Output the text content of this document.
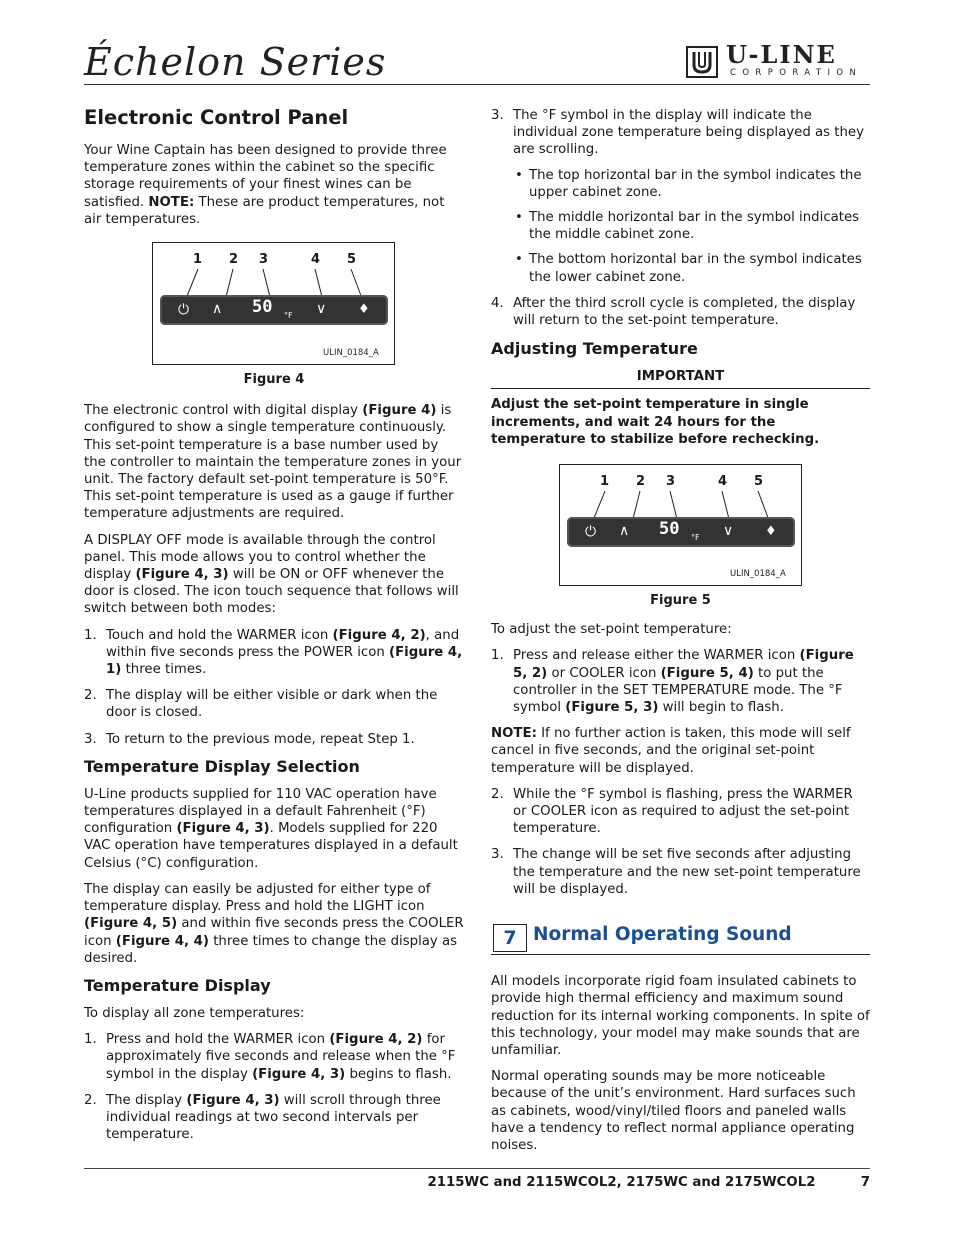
Échelon Series	U-LINE
CORPORATION
Electronic Control Panel

Your Wine Captain has been designed to provide three temperature zones within the cabinet so the specific storage requirements of your finest wines can be satisfied. NOTE: These are product temperatures, not air temperatures.

1 2 3	4 5
⏻ ∧ 50 °F ∨ ♦
ULIN_0184_A
Figure 4

The electronic control with digital display (Figure 4) is configured to show a single temperature continuously. This set-point temperature is a base number used by the controller to maintain the temperature zones in your unit. The factory default set-point temperature is 50°F. This set-point temperature is used as a gauge if further temperature adjustments are required.

A DISPLAY OFF mode is available through the control panel. This mode allows you to control whether the display (Figure 4, 3) will be ON or OFF whenever the door is closed. The icon touch sequence that follows will switch between both modes:

1. Touch and hold the WARMER icon (Figure 4, 2), and within five seconds press the POWER icon (Figure 4, 1) three times.
2. The display will be either visible or dark when the door is closed.
3. To return to the previous mode, repeat Step 1.
Temperature Display Selection

U-Line products supplied for 110 VAC operation have temperatures displayed in a default Fahrenheit (°F) configuration (Figure 4, 3). Models supplied for 220 VAC operation have temperatures displayed in a default Celsius (°C) configuration.

The display can easily be adjusted for either type of temperature display. Press and hold the LIGHT icon (Figure 4, 5) and within five seconds press the COOLER icon (Figure 4, 4) three times to change the display as desired.

Temperature Display

To display all zone temperatures:

1. Press and hold the WARMER icon (Figure 4, 2) for approximately five seconds and release when the °F symbol in the display (Figure 4, 3) begins to flash.
2. The display (Figure 4, 3) will scroll through three individual readings at two second intervals per temperature.
3. The °F symbol in the display will indicate the individual zone temperature being displayed as they are scrolling.
• The top horizontal bar in the symbol indicates the upper cabinet zone.
• The middle horizontal bar in the symbol indicates the middle cabinet zone.
• The bottom horizontal bar in the symbol indicates the lower cabinet zone.
4. After the third scroll cycle is completed, the display will return to the set-point temperature.
Adjusting Temperature
IMPORTANT

Adjust the set-point temperature in single increments, and wait 24 hours for the temperature to stabilize before rechecking.

1 2 3	4 5
⏻ ∧ 50 °F ∨ ♦
ULIN_0184_A
Figure 5

To adjust the set-point temperature:

1. Press and release either the WARMER icon (Figure 5, 2) or COOLER icon (Figure 5, 4) to put the controller in the SET TEMPERATURE mode. The °F symbol (Figure 5, 3) will begin to flash.

NOTE: If no further action is taken, this mode will self cancel in five seconds, and the original set-point temperature will be displayed.

2. While the °F symbol is flashing, press the WARMER or COOLER icon as required to adjust the set-point temperature.
3. The change will be set five seconds after adjusting the temperature and the new set-point temperature will be displayed.
7 Normal Operating Sound

All models incorporate rigid foam insulated cabinets to provide high thermal efficiency and maximum sound reduction for its internal working components. In spite of this technology, your model may make sounds that are unfamiliar.

Normal operating sounds may be more noticeable because of the unit’s environment. Hard surfaces such as cabinets, wood/vinyl/tiled floors and paneled walls have a tendency to reflect normal appliance operating noises.

2115WC and 2115WCOL2, 2175WC and 2175WCOL2	7
